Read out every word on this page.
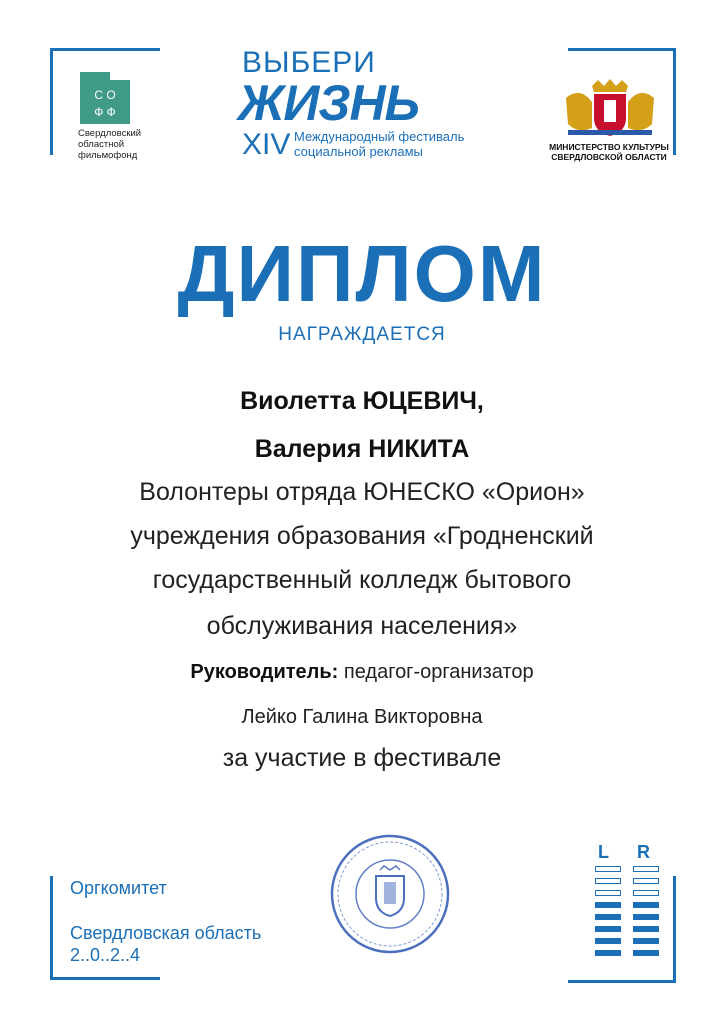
С О
Ф Ф
Свердловский
областной
фильмофонд
ВЫБЕРИ
ЖИЗНЬ
XIV Международный фестиваль
социальной рекламы	МИНИСТЕРСТВО КУЛЬТУРЫ
СВЕРДЛОВСКОЙ ОБЛАСТИ
ДИПЛОМ
НАГРАЖДАЕТСЯ
Виолетта ЮЦЕВИЧ,
Валерия НИКИТА
Волонтеры отряда ЮНЕСКО «Орион»
учреждения образования «Гродненский
государственный колледж бытового
обслуживания населения»
Руководитель: педагог-организатор
Лейко Галина Викторовна
за участие в фестивале
Оргкомитет
Свердловская область
2..0..2..4
L R
